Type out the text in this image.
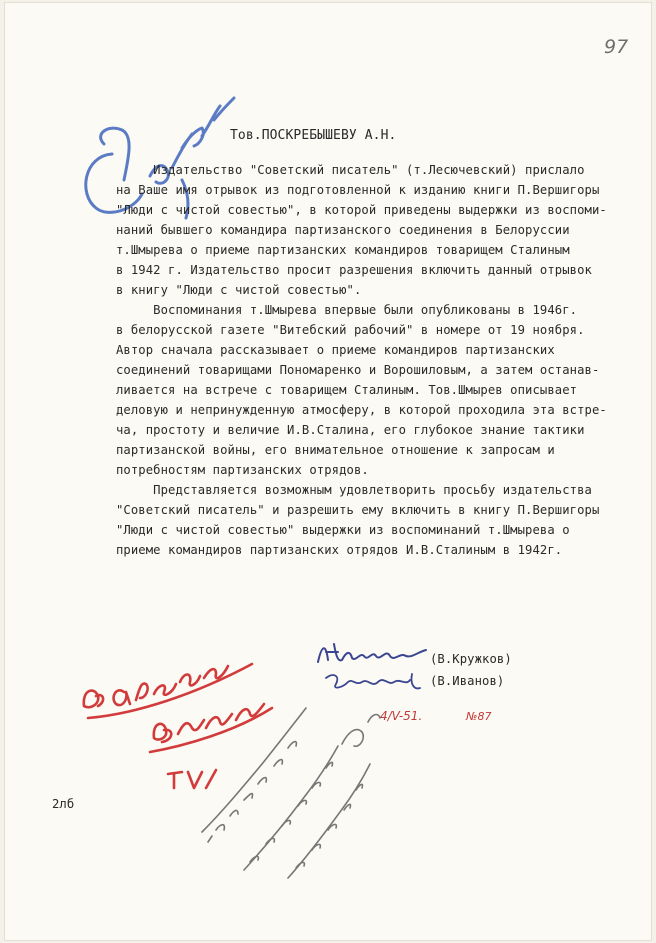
97
Тов.ПОСКРЕБЫШЕВУ А.Н.
Издательство "Советский писатель" (т.Лесючевский) прислало
на Ваше имя отрывок из подготовленной к изданию книги П.Вершигоры
"Люди с чистой совестью", в которой приведены выдержки из воспоми-
наний бывшего командира партизанского соединения в Белоруссии
т.Шмырева о приеме партизанских командиров товарищем Сталиным
в 1942 г. Издательство просит разрешения включить данный отрывок
в книгу "Люди с чистой совестью".
Воспоминания т.Шмырева впервые были опубликованы в 1946г.
в белорусской газете "Витебский рабочий" в номере от 19 ноября.
Автор сначала рассказывает о приеме командиров партизанских
соединений товарищами Пономаренко и Ворошиловым, а затем останав-
ливается на встрече с товарищем Сталиным. Тов.Шмырев описывает
деловую и непринужденную атмосферу, в которой проходила эта встре-
ча, простоту и величие И.В.Сталина, его глубокое знание тактики
партизанской войны, его внимательное отношение к запросам и
потребностям партизанских отрядов.
Представляется возможным удовлетворить просьбу издательства
"Советский писатель" и разрешить ему включить в книгу П.Вершигоры
"Люди с чистой совестью" выдержки из воспоминаний т.Шмырева о
приеме командиров партизанских отрядов И.В.Сталиным в 1942г.
(В.Кружков)
(В.Иванов)
4/V-51.	№87
2лб
